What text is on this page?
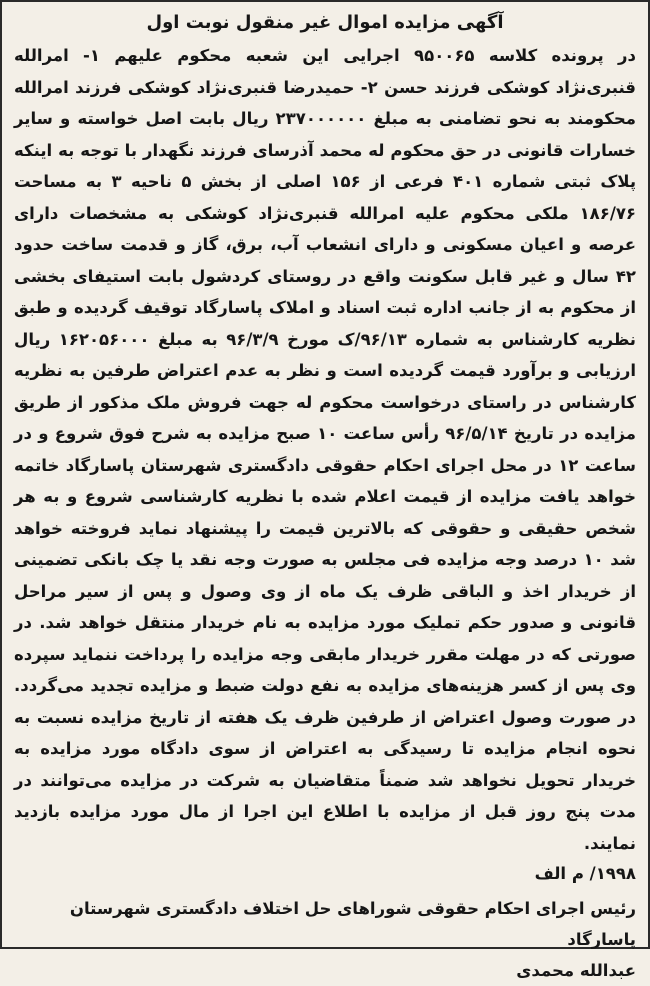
آگهی مزایده اموال غیر منقول نوبت اول

در پرونده کلاسه ۹۵۰۰۶۵ اجرایی این شعبه محکوم علیهم ۱- امرالله قنبری‌نژاد کوشکی فرزند حسن ۲- حمیدرضا قنبری‌نژاد کوشکی فرزند امرالله محکومند به نحو تضامنی به مبلغ ۲۳۷۰۰۰۰۰۰ ریال بابت اصل خواسته و سایر خسارات قانونی در حق محکوم له محمد آذرسای فرزند نگهدار با توجه به اینکه پلاک ثبتی شماره ۴۰۱ فرعی از ۱۵۶ اصلی از بخش ۵ ناحیه ۳ به مساحت ۱۸۶/۷۶ ملکی محکوم علیه امرالله قنبری‌نژاد کوشکی به مشخصات دارای عرصه و اعیان مسکونی و دارای انشعاب آب، برق، گاز و قدمت ساخت حدود ۴۲ سال و غیر قابل سکونت واقع در روستای کردشول بابت استیفای بخشی از محکوم به از جانب اداره ثبت اسناد و املاک پاسارگاد توقیف گردیده و طبق نظریه کارشناس به شماره ۹۶/۱۳/ک مورخ ۹۶/۳/۹ به مبلغ ۱۶۲۰۵۶۰۰۰ ریال ارزیابی و برآورد قیمت گردیده است و نظر به عدم اعتراض طرفین به نظریه کارشناس در راستای درخواست محکوم له جهت فروش ملک مذکور از طریق مزایده در تاریخ ۹۶/۵/۱۴ رأس ساعت ۱۰ صبح مزایده به شرح فوق شروع و در ساعت ۱۲ در محل اجرای احکام حقوقی دادگستری شهرستان پاسارگاد خاتمه خواهد یافت مزایده از قیمت اعلام شده با نظریه کارشناسی شروع و به هر شخص حقیقی و حقوقی که بالاترین قیمت را پیشنهاد نماید فروخته خواهد شد ۱۰ درصد وجه مزایده فی مجلس به صورت وجه نقد یا چک بانکی تضمینی از خریدار اخذ و الباقی ظرف یک ماه از وی وصول و پس از سیر مراحل قانونی و صدور حکم تملیک مورد مزایده به نام خریدار منتقل خواهد شد. در صورتی که در مهلت مقرر خریدار مابقی وجه مزایده را پرداخت ننماید سپرده وی پس از کسر هزینه‌های مزایده به نفع دولت ضبط و مزایده تجدید می‌گردد. در صورت وصول اعتراض از طرفین ظرف یک هفته از تاریخ مزایده نسبت به نحوه انجام مزایده تا رسیدگی به اعتراض از سوی دادگاه مورد مزایده به خریدار تحویل نخواهد شد ضمناً متقاضیان به شرکت در مزایده می‌توانند در مدت پنج روز قبل از مزایده با اطلاع این اجرا از مال مورد مزایده بازدید نمایند.

۱۹۹۸/ م الف

رئیس اجرای احکام حقوقی شوراهای حل اختلاف دادگستری شهرستان پاسارگاد

عبدالله محمدی
